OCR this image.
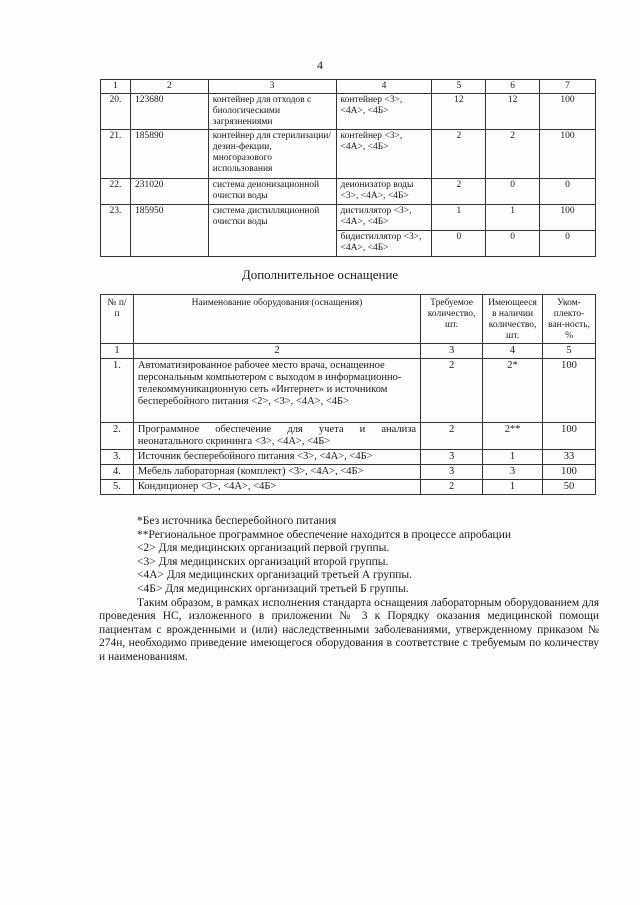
4
1	2	3	4	5	6	7
20.	123680	контейнер для отходов с биологическими загрязнениями	контейнер <3>, <4А>, <4Б>	12	12	100
21.	185890	контейнер для стерилизации/дезин-фекции, многоразового использования	контейнер <3>, <4А>, <4Б>	2	2	100
22.	231020	система деионизационной очистки воды	деионизатор воды <3>, <4А>, <4Б>	2	0	0
23.	185950	система дистилляционной очистки воды	дистиллятор <3>, <4А>, <4Б>	1	1	100
			бидистиллятор <3>, <4А>, <4Б>	0	0	0
Дополнительное оснащение
№ п/п	Наименование оборудования (оснащения)	Требуемое количество, шт.	Имеющееся в наличии количество, шт.	Уком-плекто-ван-ность, %
1	2	3	4	5
1.	Автоматизированное рабочее место врача, оснащенное персональным компьютером с выходом в информационно-телекоммуникационную сеть «Интернет» и источником бесперебойного питания <2>, <3>, <4А>, <4Б>	2	2*	100
2.	Программное обеспечение для учета и анализа неонатального скрининга <3>, <4А>, <4Б>	2	2**	100
3.	Источник бесперебойного питания <3>, <4А>, <4Б>	3	1	33
4.	Мебель лабораторная (комплект) <3>, <4А>, <4Б>	3	3	100
5.	Кондиционер <3>, <4А>, <4Б>	2	1	50

*Без источника бесперебойного питания

**Региональное программное обеспечение находится в процессе апробации

<2> Для медицинских организаций первой группы.

<3> Для медицинских организаций второй группы.

<4А> Для медицинских организаций третьей А группы.

<4Б> Для медицинских организаций третьей Б группы.

Таким образом, в рамках исполнения стандарта оснащения лабораторным оборудованием для проведения НС, изложенного в приложении № 3 к Порядку оказания медицинской помощи пациентам с врожденными и (или) наследственными заболеваниями, утвержденному приказом № 274н, необходимо приведение имеющегося оборудования в соответствие с требуемым по количеству и наименованиям.
